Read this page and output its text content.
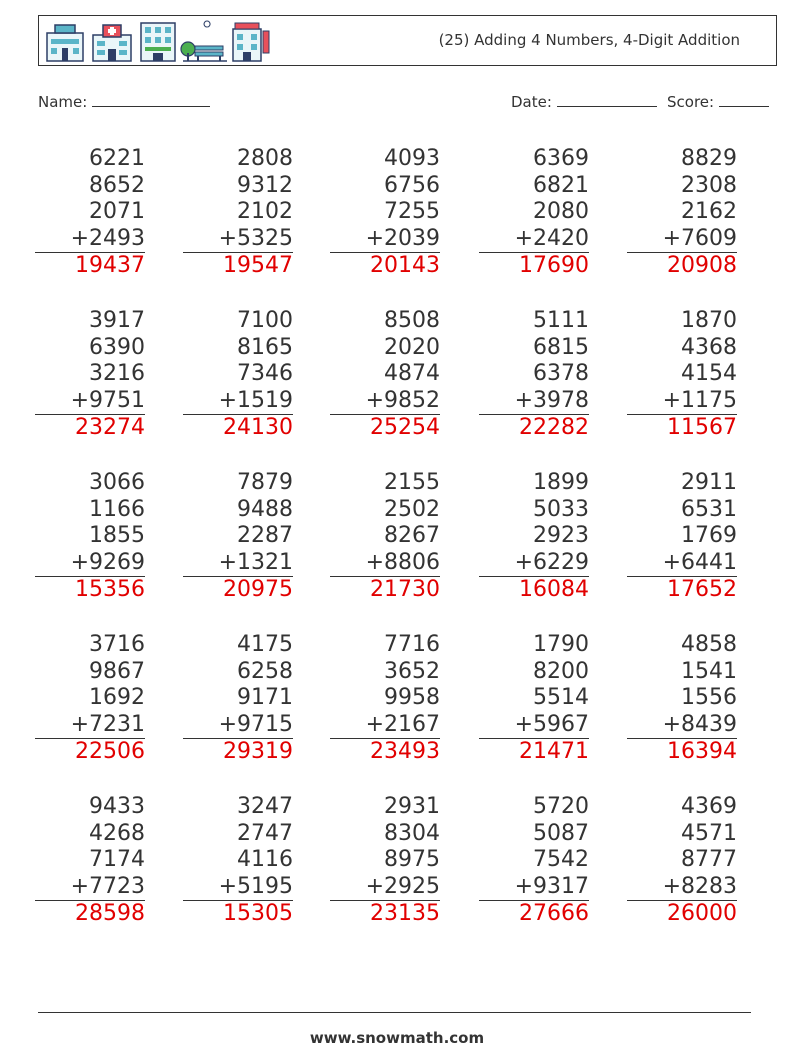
(25) Adding 4 Numbers, 4-Digit Addition
Name:	Date:	Score:
6221
8652
2071
+2493
19437
2808
9312
2102
+5325
19547
4093
6756
7255
+2039
20143
6369
6821
2080
+2420
17690
8829
2308
2162
+7609
20908
3917
6390
3216
+9751
23274
7100
8165
7346
+1519
24130
8508
2020
4874
+9852
25254
5111
6815
6378
+3978
22282
1870
4368
4154
+1175
11567
3066
1166
1855
+9269
15356
7879
9488
2287
+1321
20975
2155
2502
8267
+8806
21730
1899
5033
2923
+6229
16084
2911
6531
1769
+6441
17652
3716
9867
1692
+7231
22506
4175
6258
9171
+9715
29319
7716
3652
9958
+2167
23493
1790
8200
5514
+5967
21471
4858
1541
1556
+8439
16394
9433
4268
7174
+7723
28598
3247
2747
4116
+5195
15305
2931
8304
8975
+2925
23135
5720
5087
7542
+9317
27666
4369
4571
8777
+8283
26000
www.snowmath.com
